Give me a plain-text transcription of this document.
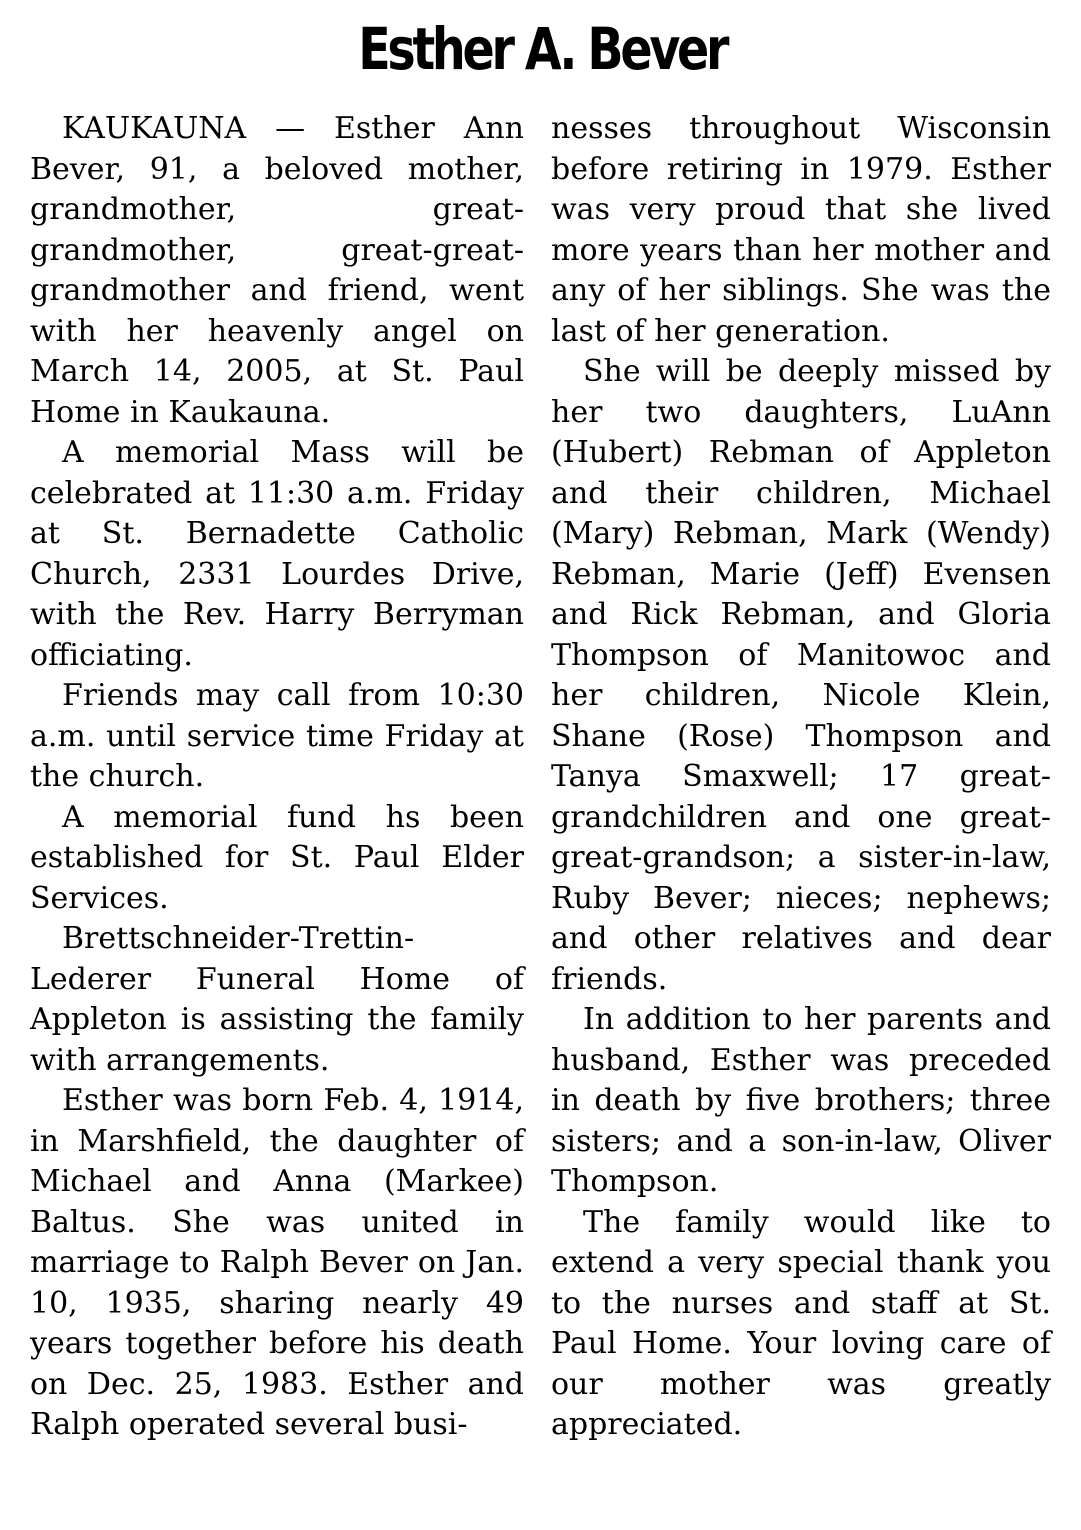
Esther A. Bever

KAUKAUNA — Esther Ann Bever, 91, a beloved mother, grandmother, great-grandmother, great-great-grandmother and friend, went with her heavenly angel on March 14, 2005, at St. Paul Home in Kaukauna.

A memorial Mass will be celebrated at 11:30 a.m. Friday at St. Bernadette Catholic Church, 2331 Lourdes Drive, with the Rev. Harry Berryman officiating.

Friends may call from 10:30 a.m. until service time Friday at the church.

A memorial fund hs been established for St. Paul Elder Services.

Brettschneider-Trettin-Lederer Funeral Home of Appleton is assisting the family with arrangements.

Esther was born Feb. 4, 1914, in Marshfield, the daughter of Michael and Anna (Markee) Baltus. She was united in marriage to Ralph Bever on Jan. 10, 1935, sharing nearly 49 years together before his death on Dec. 25, 1983. Esther and Ralph operated several busi-

nesses throughout Wisconsin before retiring in 1979. Esther was very proud that she lived more years than her mother and any of her siblings. She was the last of her generation.

She will be deeply missed by her two daughters, LuAnn (Hubert) Rebman of Appleton and their children, Michael (Mary) Rebman, Mark (Wendy) Rebman, Marie (Jeff) Evensen and Rick Rebman, and Gloria Thompson of Manitowoc and her children, Nicole Klein, Shane (Rose) Thompson and Tanya Smaxwell; 17 great-grandchildren and one great-great-grandson; a sister-in-law, Ruby Bever; nieces; nephews; and other relatives and dear friends.

In addition to her parents and husband, Esther was preceded in death by five brothers; three sisters; and a son-in-law, Oliver Thompson.

The family would like to extend a very special thank you to the nurses and staff at St. Paul Home. Your loving care of our mother was greatly appreciated.
